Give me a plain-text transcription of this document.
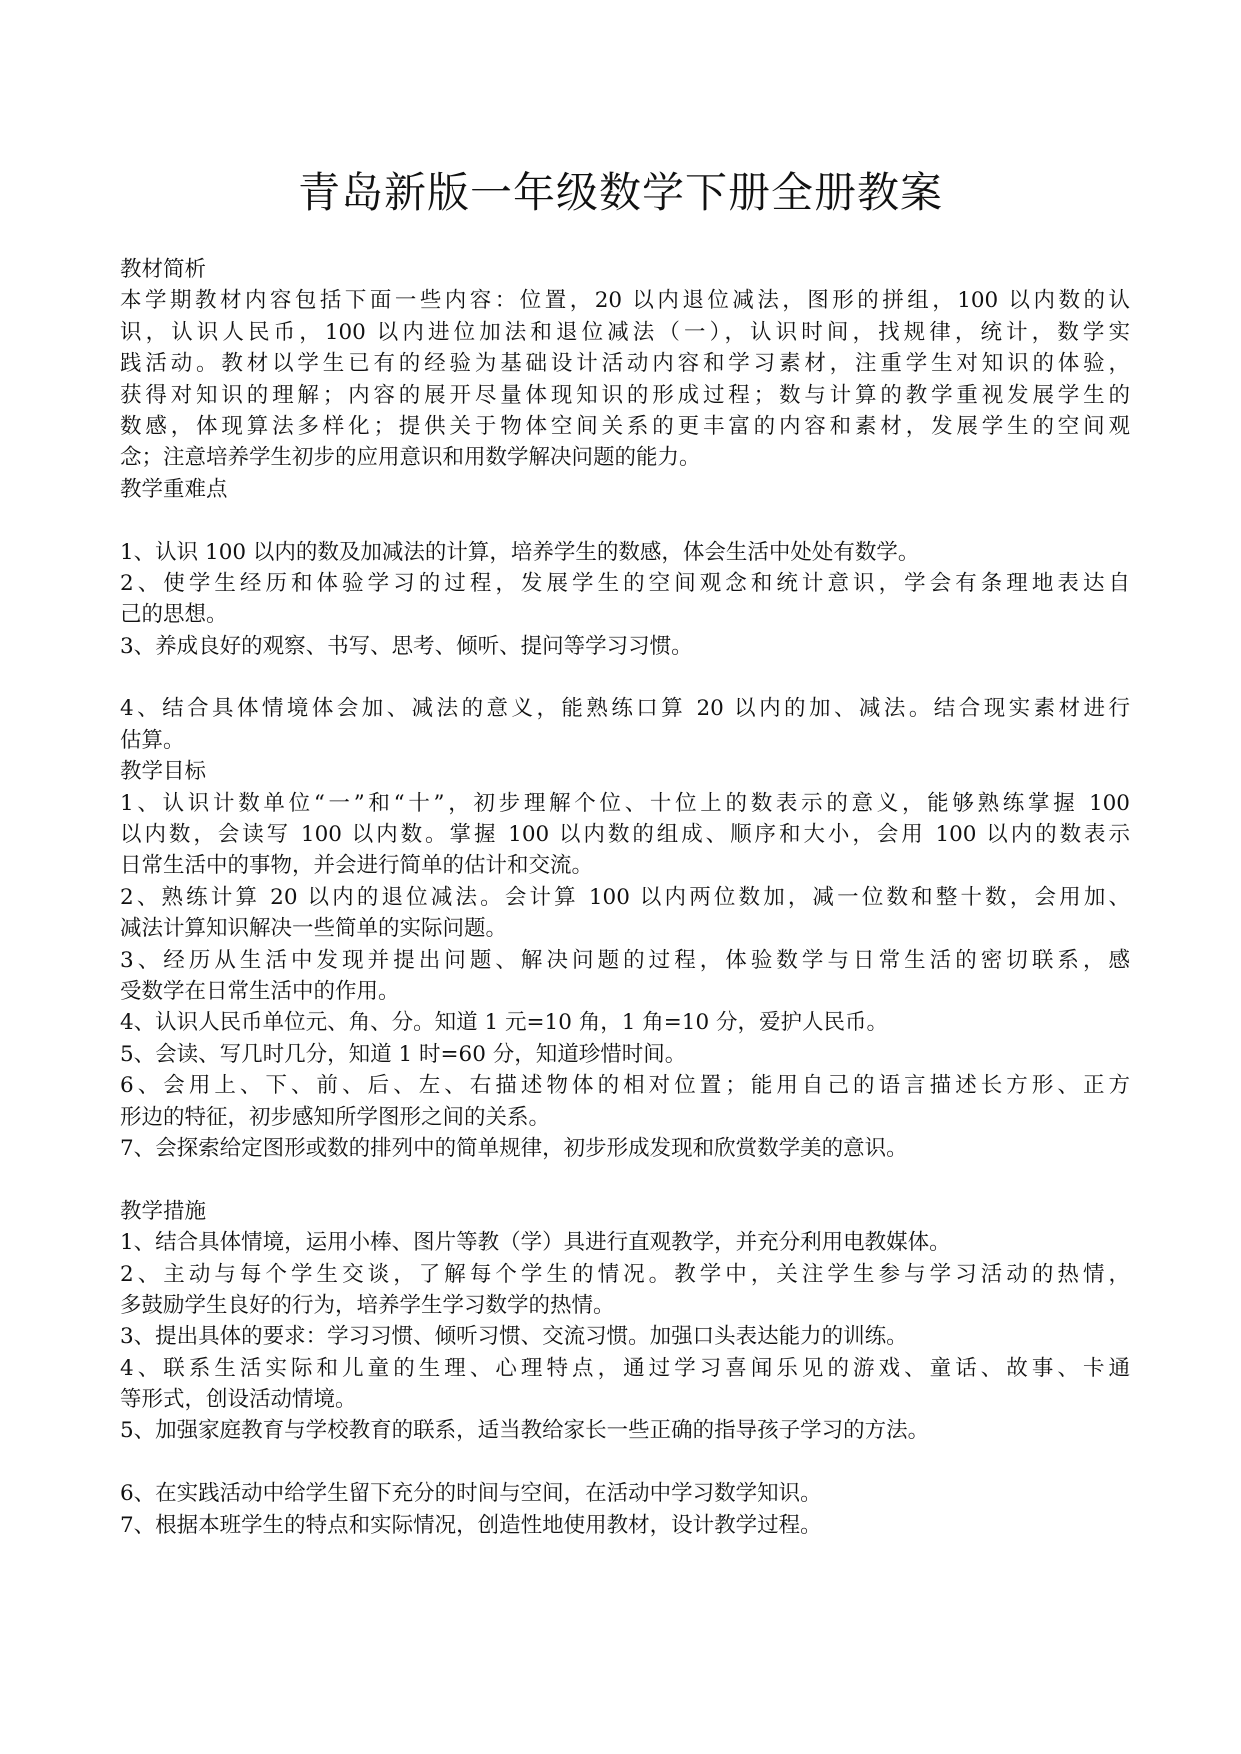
青岛新版一年级数学下册全册教案
教材简析
本学期教材内容包括下面一些内容：位置，20 以内退位减法，图形的拼组，100 以内数的认
识，认识人民币，100 以内进位加法和退位减法（一），认识时间，找规律，统计，数学实
践活动。教材以学生已有的经验为基础设计活动内容和学习素材，注重学生对知识的体验，
获得对知识的理解；内容的展开尽量体现知识的形成过程；数与计算的教学重视发展学生的
数感，体现算法多样化；提供关于物体空间关系的更丰富的内容和素材，发展学生的空间观
念；注意培养学生初步的应用意识和用数学解决问题的能力。
教学重难点
1、认识 100 以内的数及加减法的计算，培养学生的数感，体会生活中处处有数学。
2、使学生经历和体验学习的过程，发展学生的空间观念和统计意识，学会有条理地表达自
己的思想。
3、养成良好的观察、书写、思考、倾听、提问等学习习惯。
4、结合具体情境体会加、减法的意义，能熟练口算 20 以内的加、减法。结合现实素材进行
估算。
教学目标
1、认识计数单位“一”和“十”，初步理解个位、十位上的数表示的意义，能够熟练掌握 100
以内数，会读写 100 以内数。掌握 100 以内数的组成、顺序和大小，会用 100 以内的数表示
日常生活中的事物，并会进行简单的估计和交流。
2、熟练计算 20 以内的退位减法。会计算 100 以内两位数加，减一位数和整十数，会用加、
减法计算知识解决一些简单的实际问题。
3、经历从生活中发现并提出问题、解决问题的过程，体验数学与日常生活的密切联系，感
受数学在日常生活中的作用。
4、认识人民币单位元、角、分。知道 1 元=10 角，1 角=10 分，爱护人民币。
5、会读、写几时几分，知道 1 时=60 分，知道珍惜时间。
6、会用上、下、前、后、左、右描述物体的相对位置；能用自己的语言描述长方形、正方
形边的特征，初步感知所学图形之间的关系。
7、会探索给定图形或数的排列中的简单规律，初步形成发现和欣赏数学美的意识。
教学措施
1、结合具体情境，运用小棒、图片等教（学）具进行直观教学，并充分利用电教媒体。
2、主动与每个学生交谈，了解每个学生的情况。教学中，关注学生参与学习活动的热情，
多鼓励学生良好的行为，培养学生学习数学的热情。
3、提出具体的要求：学习习惯、倾听习惯、交流习惯。加强口头表达能力的训练。
4、联系生活实际和儿童的生理、心理特点，通过学习喜闻乐见的游戏、童话、故事、卡通
等形式，创设活动情境。
5、加强家庭教育与学校教育的联系，适当教给家长一些正确的指导孩子学习的方法。
6、在实践活动中给学生留下充分的时间与空间，在活动中学习数学知识。
7、根据本班学生的特点和实际情况，创造性地使用教材，设计教学过程。
